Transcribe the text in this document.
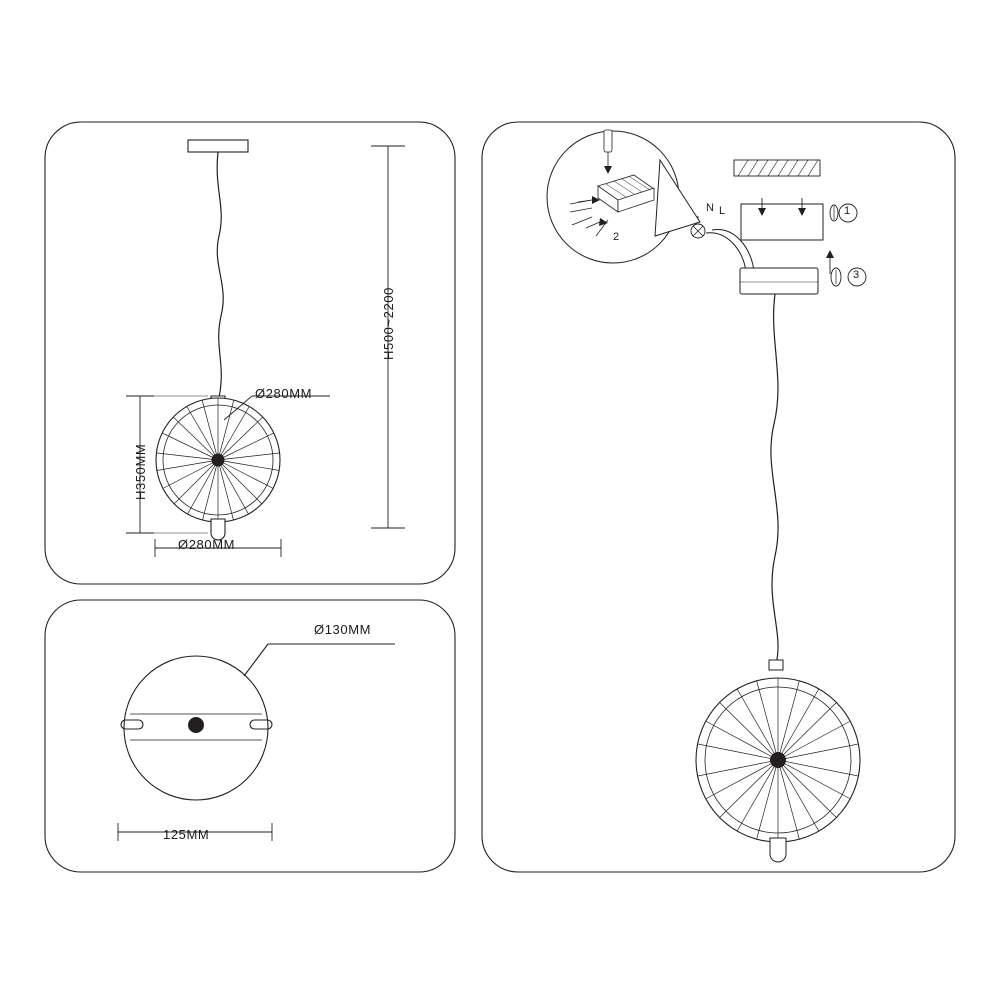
H500~2200
H350MM
Ø280MM
Ø280MM
Ø130MM
125MM
N L	1
2
3
